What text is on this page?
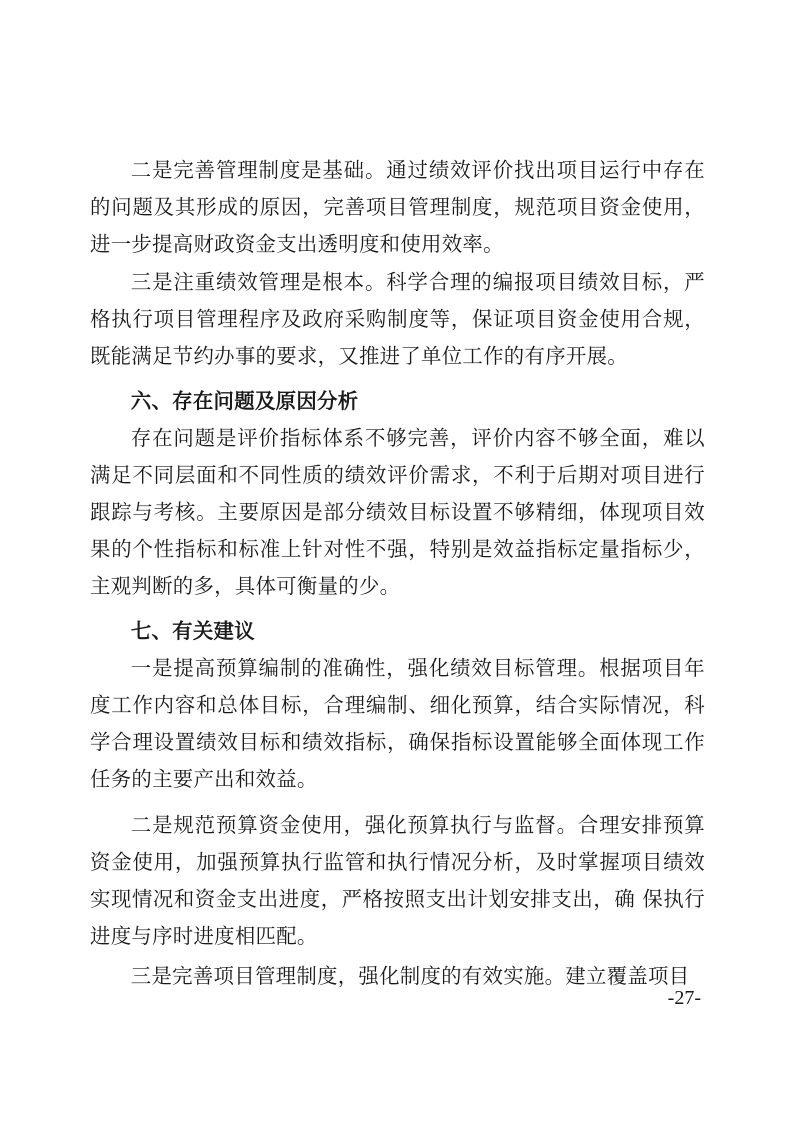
二是完善管理制度是基础。通过绩效评价找出项目运行中存在的问题及其形成的原因，完善项目管理制度，规范项目资金使用，进一步提高财政资金支出透明度和使用效率。

三是注重绩效管理是根本。科学合理的编报项目绩效目标，严格执行项目管理程序及政府采购制度等，保证项目资金使用合规，既能满足节约办事的要求，又推进了单位工作的有序开展。

六、存在问题及原因分析

存在问题是评价指标体系不够完善，评价内容不够全面，难以满足不同层面和不同性质的绩效评价需求，不利于后期对项目进行跟踪与考核。主要原因是部分绩效目标设置不够精细，体现项目效果的个性指标和标准上针对性不强，特别是效益指标定量指标少，主观判断的多，具体可衡量的少。

七、有关建议

一是提高预算编制的准确性，强化绩效目标管理。根据项目年度工作内容和总体目标，合理编制、细化预算，结合实际情况，科学合理设置绩效目标和绩效指标，确保指标设置能够全面体现工作任务的主要产出和效益。

二是规范预算资金使用，强化预算执行与监督。合理安排预算资金使用，加强预算执行监管和执行情况分析，及时掌握项目绩效实现情况和资金支出进度，严格按照支出计划安排支出，确 保执行进度与序时进度相匹配。

三是完善项目管理制度，强化制度的有效实施。建立覆盖项目

-27-
